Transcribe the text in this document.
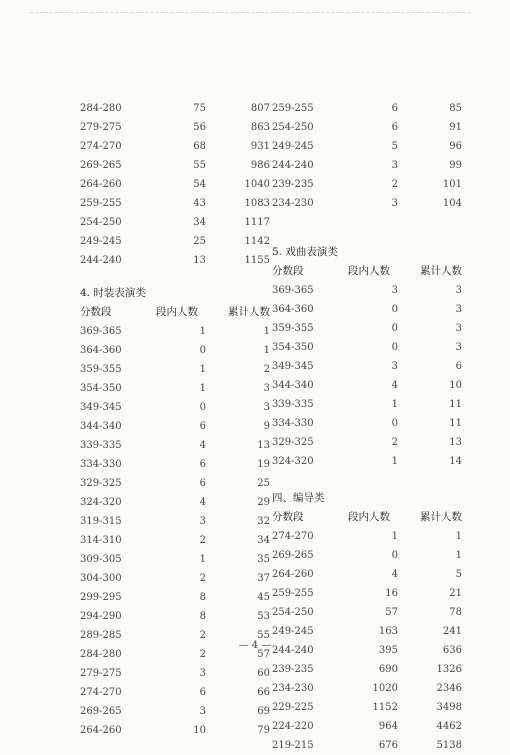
284-280	75	807
279-275	56	863
274-270	68	931
269-265	55	986
264-260	54	1040
259-255	43	1083
254-250	34	1117
249-245	25	1142
244-240	13	1155
4. 时装表演类
分数段	段内人数	累计人数
369-365	1	1
364-360	0	1
359-355	1	2
354-350	1	3
349-345	0	3
344-340	6	9
339-335	4	13
334-330	6	19
329-325	6	25
324-320	4	29
319-315	3	32
314-310	2	34
309-305	1	35
304-300	2	37
299-295	8	45
294-290	8	53
289-285	2	55
284-280	2	57
279-275	3	60
274-270	6	66
269-265	3	69
264-260	10	79
259-255	6	85
254-250	6	91
249-245	5	96
244-240	3	99
239-235	2	101
234-230	3	104
5. 戏曲表演类
分数段	段内人数	累计人数
369-365	3	3
364-360	0	3
359-355	0	3
354-350	0	3
349-345	3	6
344-340	4	10
339-335	1	11
334-330	0	11
329-325	2	13
324-320	1	14
四、编导类
分数段	段内人数	累计人数
274-270	1	1
269-265	0	1
264-260	4	5
259-255	16	21
254-250	57	78
249-245	163	241
244-240	395	636
239-235	690	1326
234-230	1020	2346
229-225	1152	3498
224-220	964	4462
219-215	676	5138
— 4 —
